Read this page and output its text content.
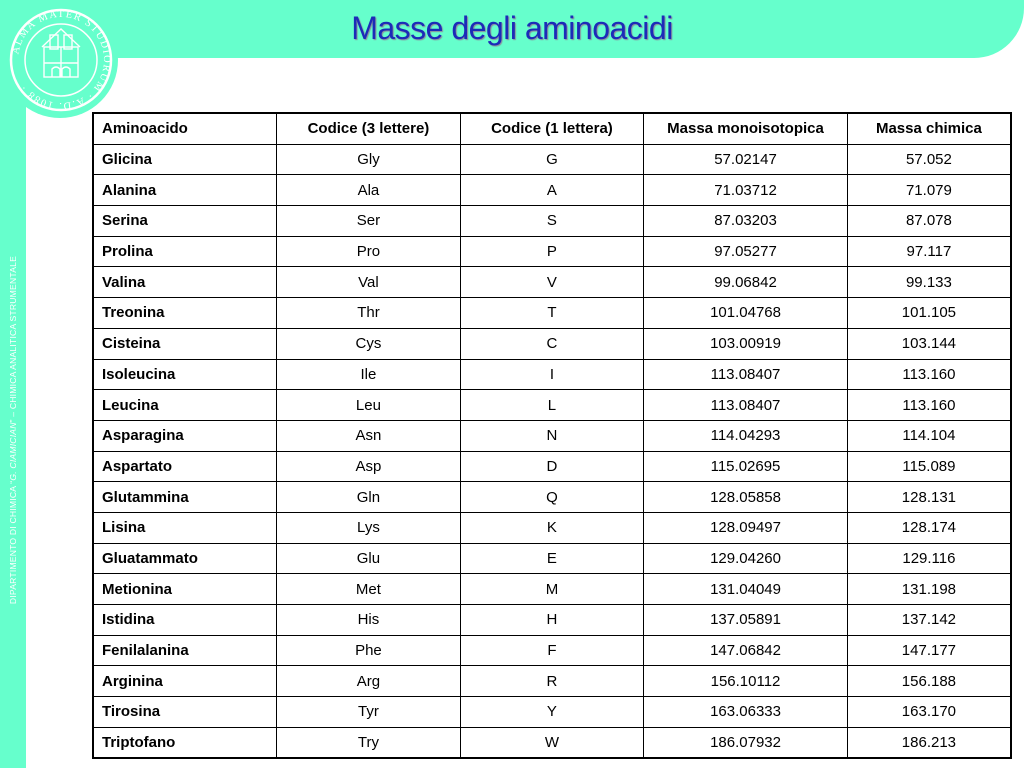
ALMA MATER STUDIORUM · A.D. 1088 ·
Masse degli aminoacidi
DIPARTIMENTO DI CHIMICA “G. CIAMICIAN” – CHIMICA ANALITICA STRUMENTALE
Aminoacido	Codice (3 lettere)	Codice (1 lettera)	Massa monoisotopica	Massa chimica
Glicina	Gly	G	57.02147	57.052
Alanina	Ala	A	71.03712	71.079
Serina	Ser	S	87.03203	87.078
Prolina	Pro	P	97.05277	97.117
Valina	Val	V	99.06842	99.133
Treonina	Thr	T	101.04768	101.105
Cisteina	Cys	C	103.00919	103.144
Isoleucina	Ile	I	113.08407	113.160
Leucina	Leu	L	113.08407	113.160
Asparagina	Asn	N	114.04293	114.104
Aspartato	Asp	D	115.02695	115.089
Glutammina	Gln	Q	128.05858	128.131
Lisina	Lys	K	128.09497	128.174
Gluatammato	Glu	E	129.04260	129.116
Metionina	Met	M	131.04049	131.198
Istidina	His	H	137.05891	137.142
Fenilalanina	Phe	F	147.06842	147.177
Arginina	Arg	R	156.10112	156.188
Tirosina	Tyr	Y	163.06333	163.170
Triptofano	Try	W	186.07932	186.213
